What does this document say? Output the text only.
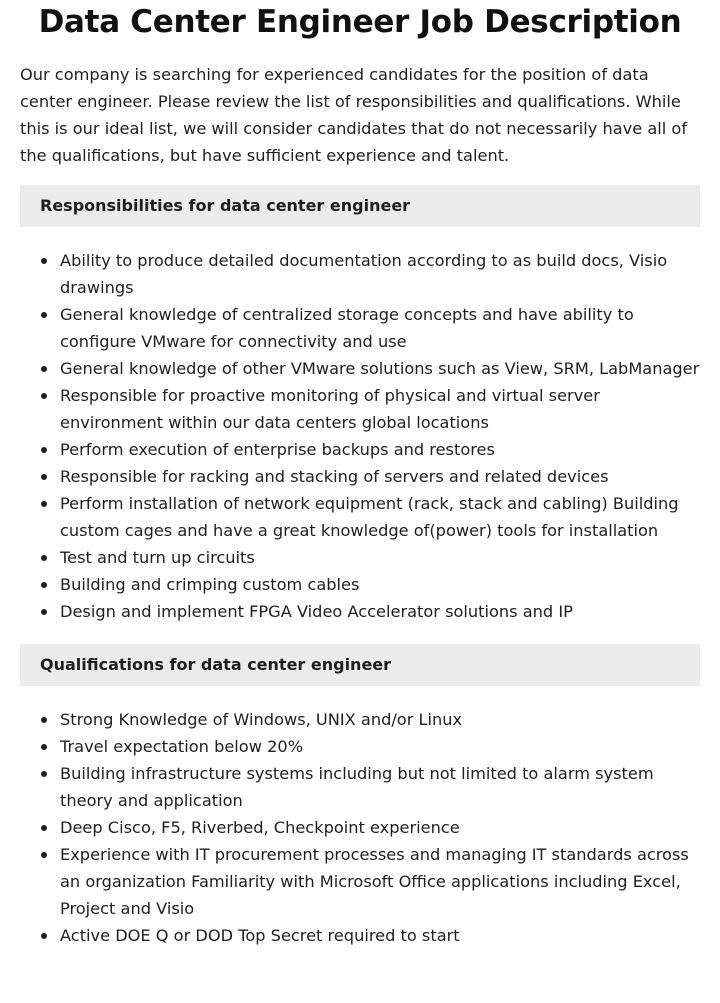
Data Center Engineer Job Description

Our company is searching for experienced candidates for the position of data center engineer. Please review the list of responsibilities and qualifications. While this is our ideal list, we will consider candidates that do not necessarily have all of the qualifications, but have sufficient experience and talent.

Responsibilities for data center engineer
Ability to produce detailed documentation according to as build docs, Visio drawings
General knowledge of centralized storage concepts and have ability to configure VMware for connectivity and use
General knowledge of other VMware solutions such as View, SRM, LabManager
Responsible for proactive monitoring of physical and virtual server environment within our data centers global locations
Perform execution of enterprise backups and restores
Responsible for racking and stacking of servers and related devices
Perform installation of network equipment (rack, stack and cabling) Building custom cages and have a great knowledge of(power) tools for installation
Test and turn up circuits
Building and crimping custom cables
Design and implement FPGA Video Accelerator solutions and IP
Qualifications for data center engineer
Strong Knowledge of Windows, UNIX and/or Linux
Travel expectation below 20%
Building infrastructure systems including but not limited to alarm system theory and application
Deep Cisco, F5, Riverbed, Checkpoint experience
Experience with IT procurement processes and managing IT standards across an organization Familiarity with Microsoft Office applications including Excel, Project and Visio
Active DOE Q or DOD Top Secret required to start
